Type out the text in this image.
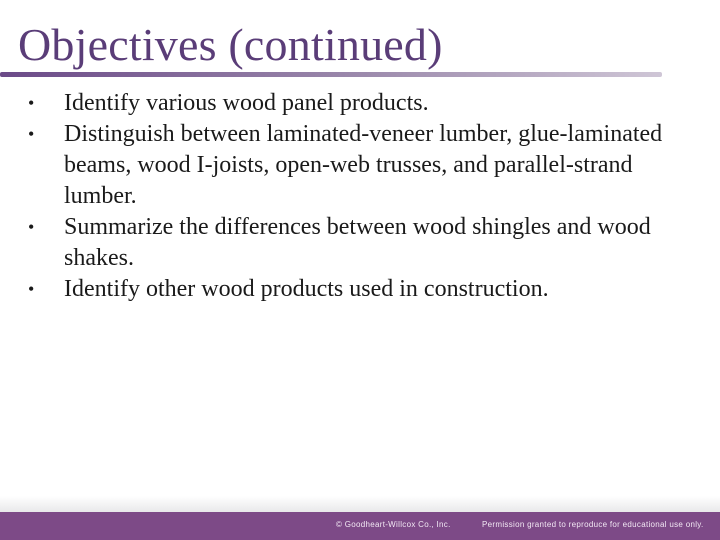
Objectives (continued)
•	Identify various wood panel products.
•	Distinguish between laminated-veneer lumber, glue-laminated beams, wood I-joists, open-web trusses, and parallel-strand lumber.
•	Summarize the differences between wood shingles and wood shakes.
•	Identify other wood products used in construction.
© Goodheart-Willcox Co., Inc.	Permission granted to reproduce for educational use only.
